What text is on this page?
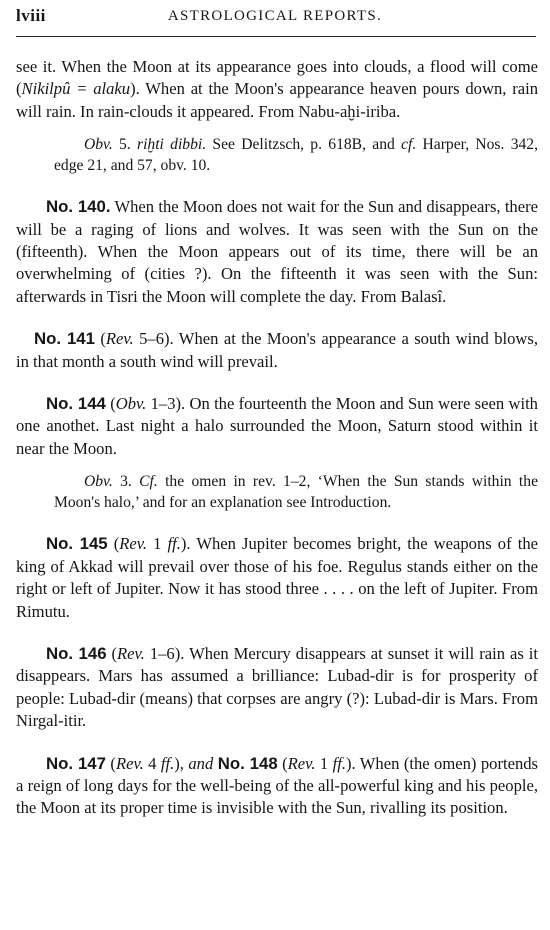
lviii	ASTROLOGICAL REPORTS.

see it. When the Moon at its appearance goes into clouds, a flood will come (Nikilpû = alaku). When at the Moon's appearance heaven pours down, rain will rain. In rain-clouds it appeared. From Nabu-aḫi-iriba.

Obv. 5. riḫti dibbi. See Delitzsch, p. 618B, and cf. Harper, Nos. 342, edge 21, and 57, obv. 10.

No. 140. When the Moon does not wait for the Sun and disappears, there will be a raging of lions and wolves. It was seen with the Sun on the (fifteenth). When the Moon appears out of its time, there will be an overwhelming of (cities ?). On the fifteenth it was seen with the Sun: afterwards in Tisri the Moon will complete the day. From Balasî.

No. 141 (Rev. 5–6). When at the Moon's appearance a south wind blows, in that month a south wind will prevail.

No. 144 (Obv. 1–3). On the fourteenth the Moon and Sun were seen with one anothet. Last night a halo surrounded the Moon, Saturn stood within it near the Moon.

Obv. 3. Cf. the omen in rev. 1–2, ‘When the Sun stands within the Moon's halo,’ and for an explanation see Introduction.

No. 145 (Rev. 1 ff.). When Jupiter becomes bright, the weapons of the king of Akkad will prevail over those of his foe. Regulus stands either on the right or left of Jupiter. Now it has stood three . . . . on the left of Jupiter. From Rimutu.

No. 146 (Rev. 1–6). When Mercury disappears at sunset it will rain as it disappears. Mars has assumed a brilliance: Lubad-dir is for prosperity of people: Lubad-dir (means) that corpses are angry (?): Lubad-dir is Mars. From Nirgal-itir.

No. 147 (Rev. 4 ff.), and No. 148 (Rev. 1 ff.). When (the omen) portends a reign of long days for the well-being of the all-powerful king and his people, the Moon at its proper time is invisible with the Sun, rivalling its position.
